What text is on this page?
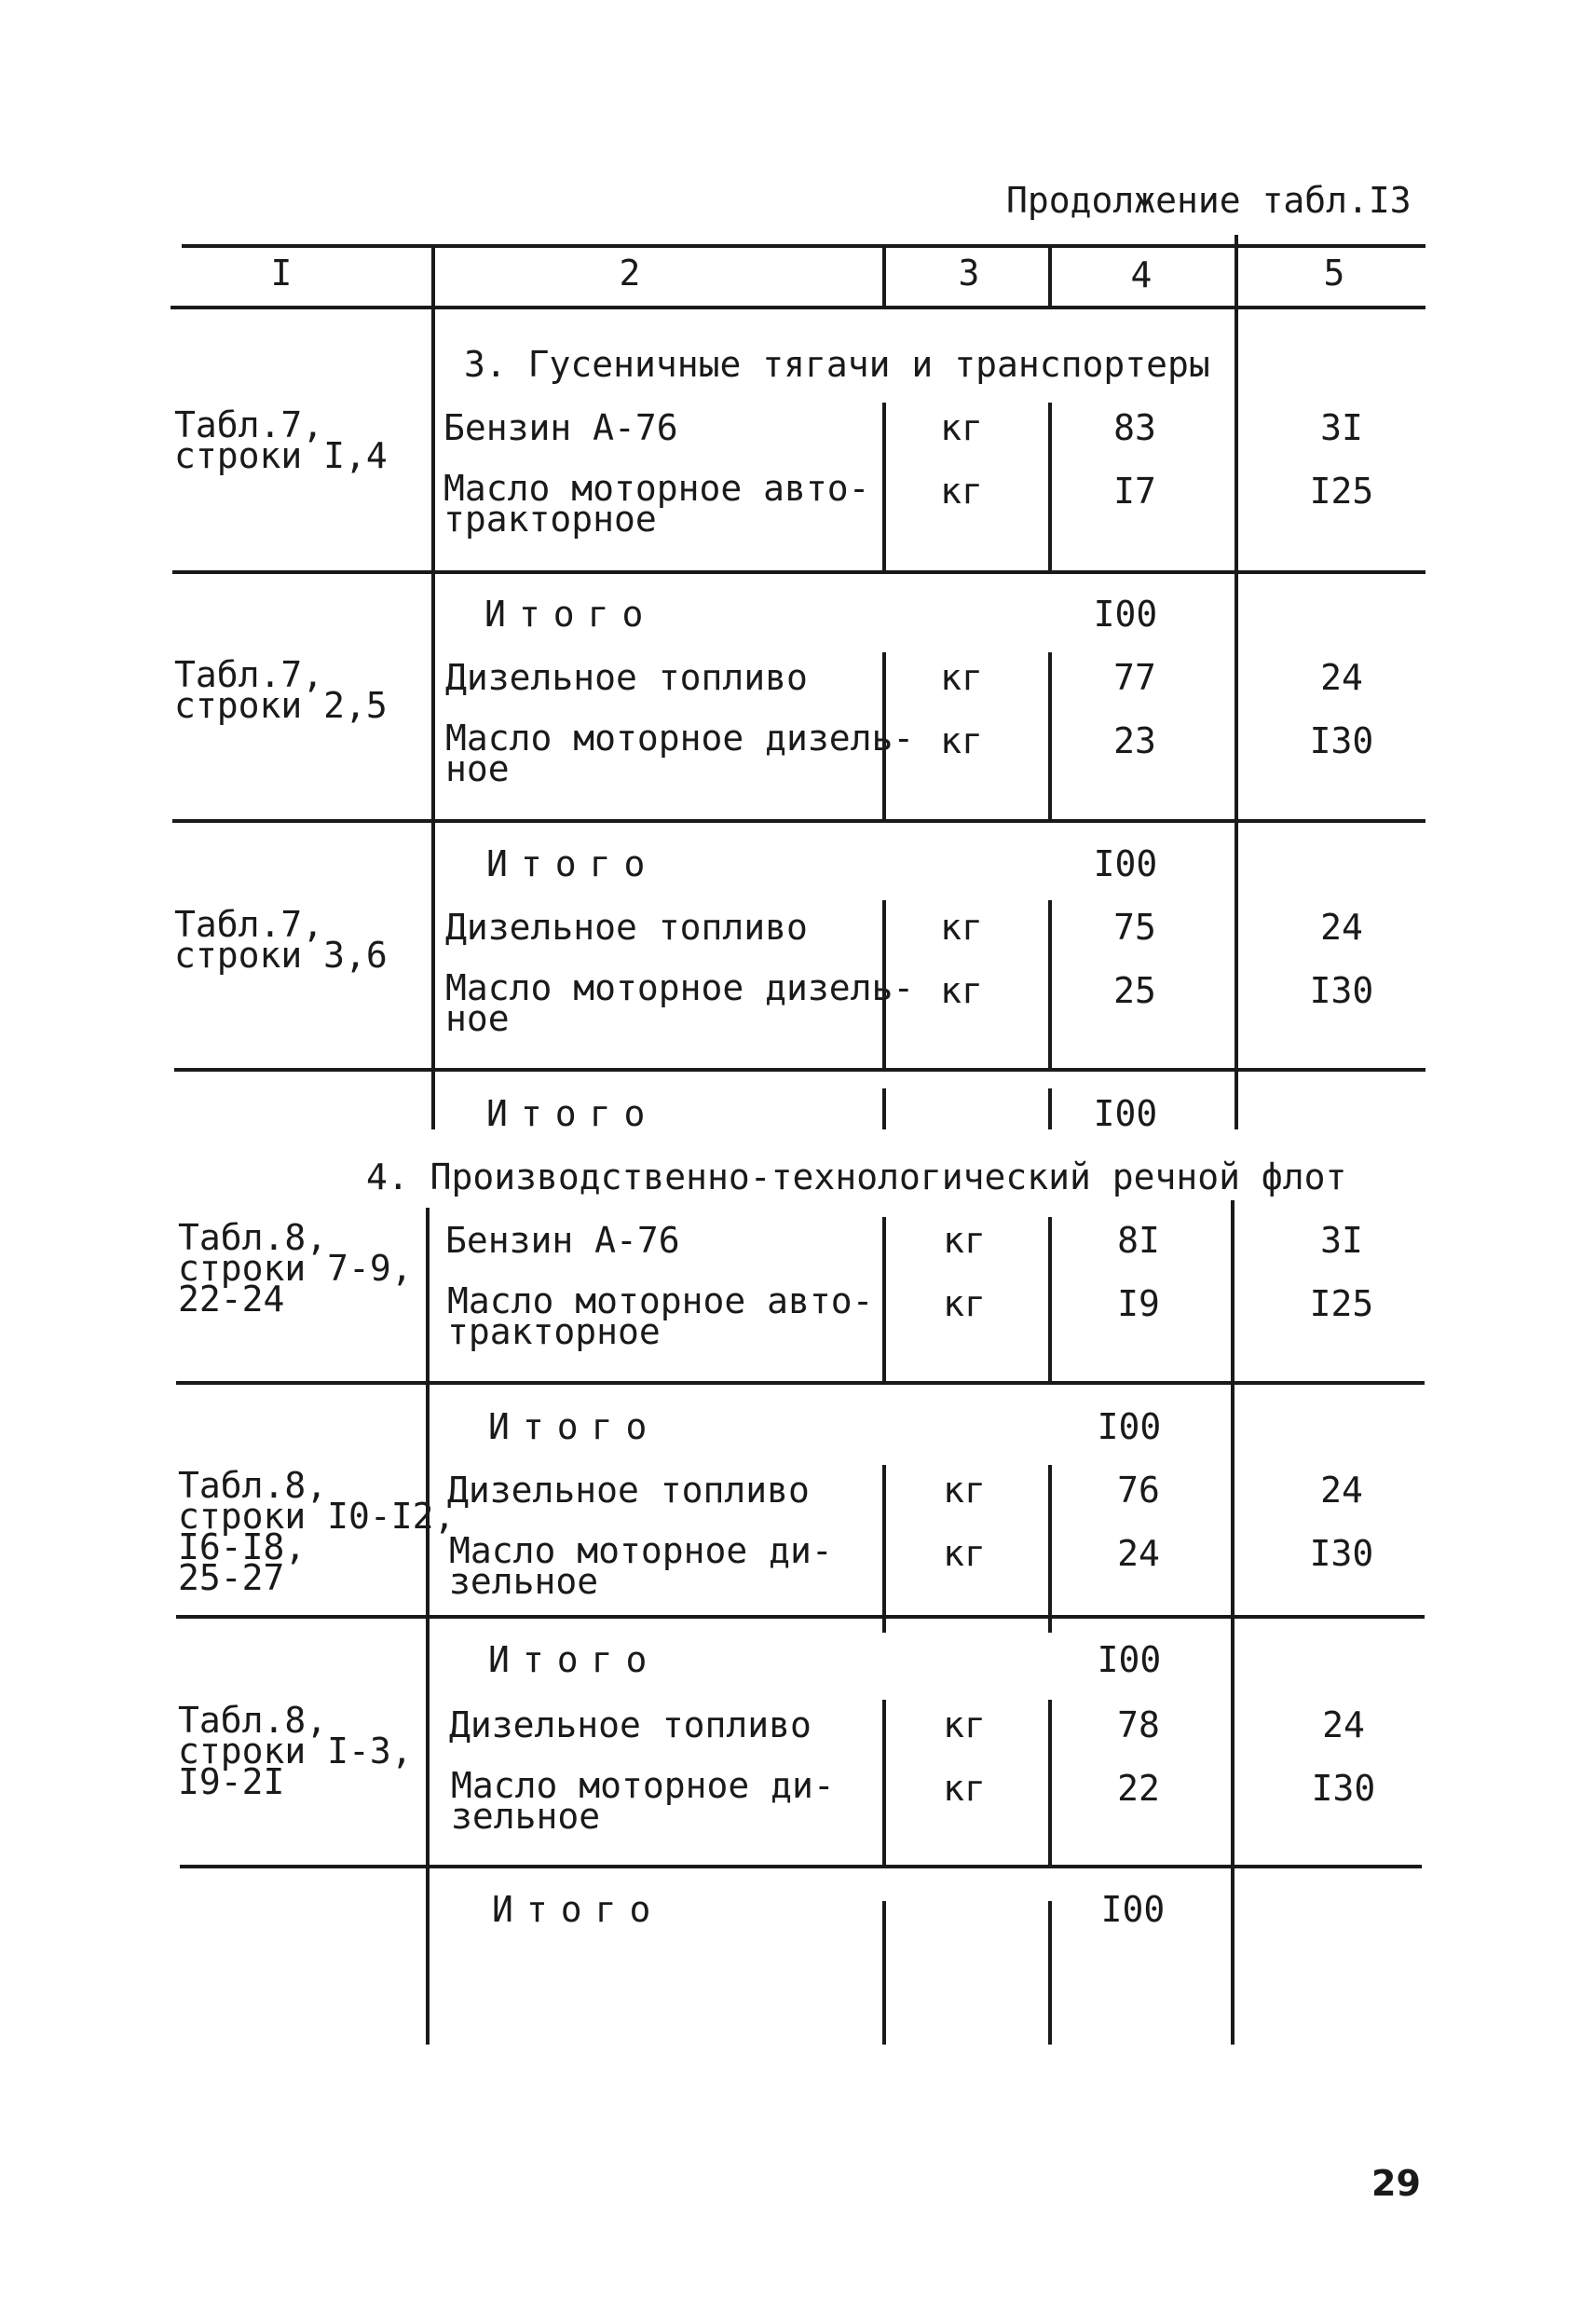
Продолжение табл.I3
I	2	3	4	5
3. Гусеничные тягачи и транспортеры
Табл.7,
строки I,4
Бензин А-76	кг	83	3I
Масло моторное авто-
тракторное
кг	I7	I25
Итого	I00
Табл.7,
строки 2,5
Дизельное топливо	кг	77	24
Масло моторное дизель-
ное
кг	23	I30
Итого	I00
Табл.7,
строки 3,6
Дизельное топливо	кг	75	24
Масло моторное дизель-
ное
кг	25	I30
Итого	I00
4. Производственно-технологический речной флот
Табл.8,
строки 7-9,
22-24
Бензин А-76	кг	8I	3I
Масло моторное авто-
тракторное
кг	I9	I25
Итого	I00
Табл.8,
строки I0-I2,
I6-I8,
25-27
Дизельное топливо	кг	76	24
Масло моторное ди-
зельное
кг	24	I30
Итого	I00
Табл.8,
строки I-3,
I9-2I
Дизельное топливо	кг	78	24
Масло моторное ди-
зельное
кг	22	I30
Итого	I00
29
